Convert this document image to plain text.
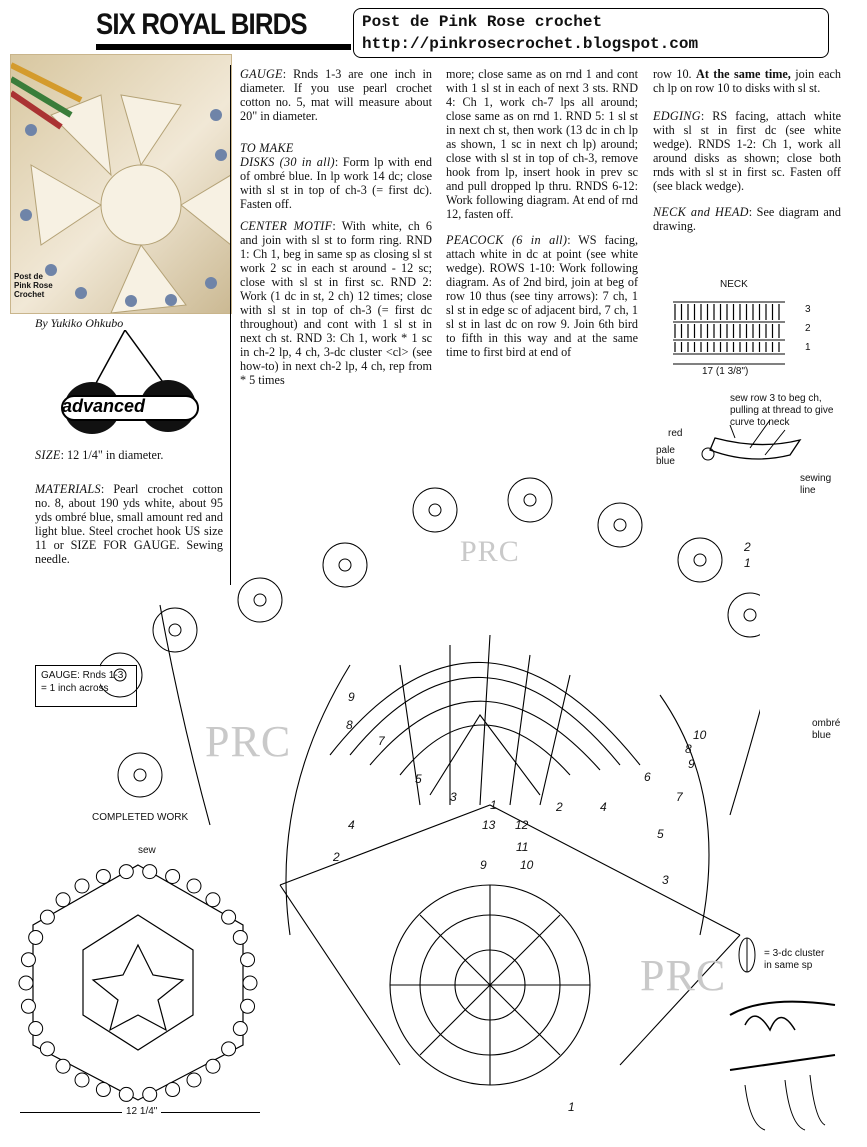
SIX ROYAL BIRDS	Post de Pink Rose crochet
http://pinkrosecrochet.blogspot.com
Post de
Pink Rose
Crochet
By Yukiko Ohkubo
advanced

SIZE: 12 1/4" in diameter.

MATERIALS: Pearl crochet cotton no. 8, about 190 yds white, about 95 yds ombré blue, small amount red and light blue. Steel crochet hook US size 11 or SIZE FOR GAUGE. Sewing needle.

GAUGE: Rnds 1-3 are one inch in diameter. If you use pearl crochet cotton no. 5, mat will measure about 20" in diameter.

TO MAKE

DISKS (30 in all): Form lp with end of ombré blue. In lp work 14 dc; close with sl st in top of ch-3 (= first dc). Fasten off.

CENTER MOTIF: With white, ch 6 and join with sl st to form ring. RND 1: Ch 1, beg in same sp as closing sl st work 2 sc in each st around - 12 sc; close with sl st in first sc. RND 2: Work (1 dc in st, 2 ch) 12 times; close with sl st in top of ch-3 (= first dc throughout) and cont with 1 sl st in next ch st. RND 3: Ch 1, work * 1 sc in ch-2 lp, 4 ch, 3-dc cluster <cl> (see how-to) in next ch-2 lp, 4 ch, rep from * 5 times

more; close same as on rnd 1 and cont with 1 sl st in each of next 3 sts. RND 4: Ch 1, work ch-7 lps all around; close same as on rnd 1. RND 5: 1 sl st in next ch st, then work (13 dc in ch lp as shown, 1 sc in next ch lp) around; close with sl st in top of ch-3, remove hook from lp, insert hook in prev sc and pull dropped lp thru. RNDS 6-12: Work following diagram. At end of rnd 12, fasten off.

PEACOCK (6 in all): WS facing, attach white in dc at point (see white wedge). ROWS 1-10: Work following diagram. As of 2nd bird, join at beg of row 10 thus (see tiny arrows): 7 ch, 1 sl st in edge sc of adjacent bird, 7 ch, 1 sl st in last dc on row 9. Join 6th bird to fifth in this way and at the same time to first bird at end of

row 10. At the same time, join each ch lp on row 10 to disks with sl st.

EDGING: RS facing, attach white with sl st in first dc (see white wedge). RNDS 1-2: Ch 1, work all around disks as shown; close both rnds with sl st in first sc. Fasten off (see black wedge).

NECK and HEAD: See diagram and drawing.

NECK
3
2
1
17 (1 3/8")
sew row 3 to beg ch, pulling at thread to give curve to neck
red
pale
blue
sewing
line
PRC
PRC
PRC
9
7
5
3
2	4
6
1
13 12
11
10
9
8
10
9
7
5
3
8
4
2
2
1
1
GAUGE: Rnds 1-3
= 1 inch across
ombré
blue
COMPLETED WORK
sew
12 1/4"
= 3-dc cluster
in same sp
